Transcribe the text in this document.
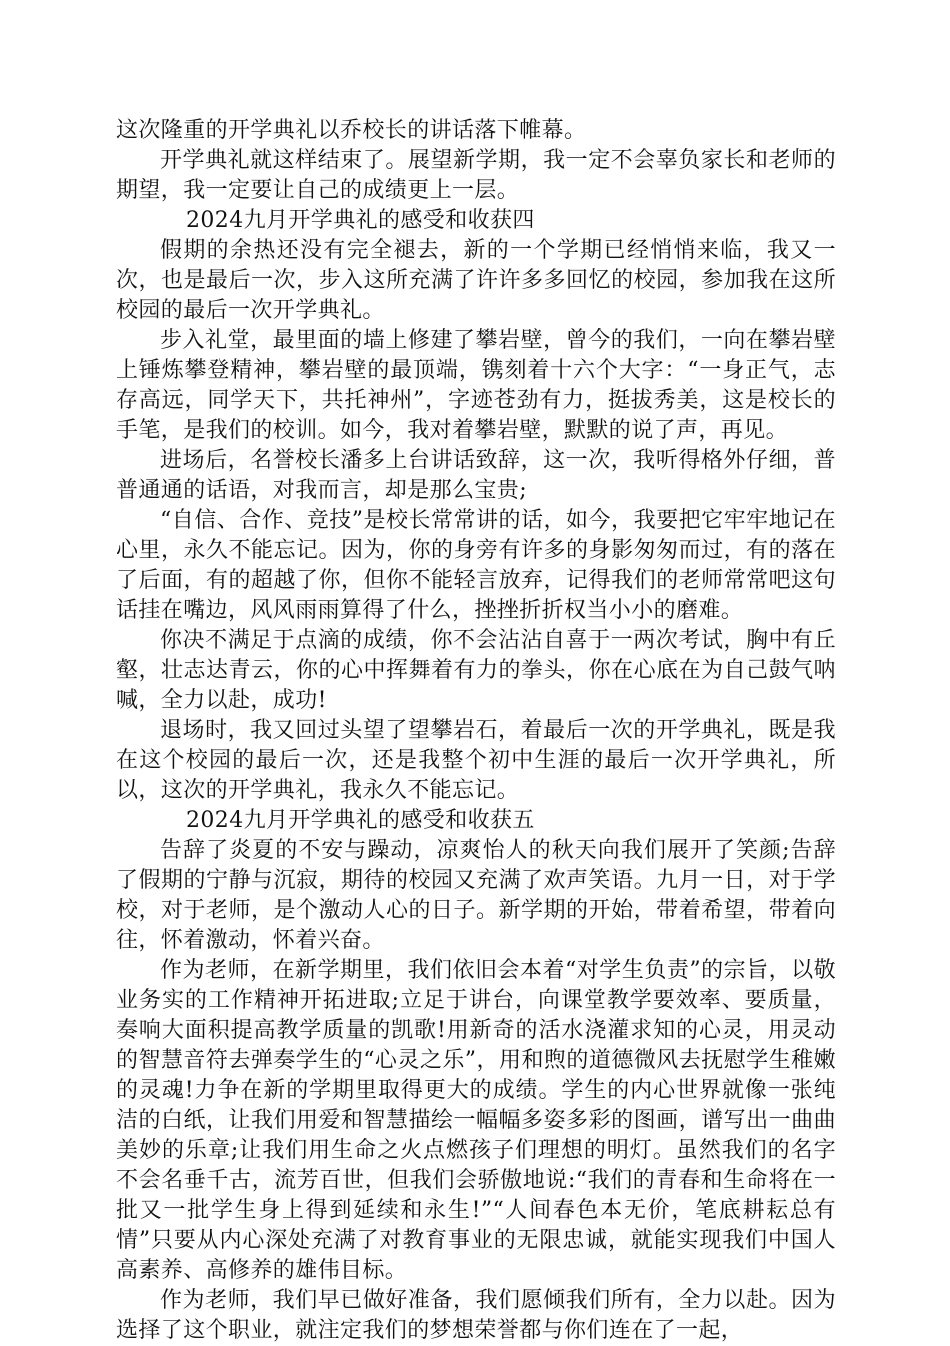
这次隆重的开学典礼以乔校长的讲话落下帷幕。

开学典礼就这样结束了。展望新学期，我一定不会辜负家长和老师的期望，我一定要让自己的成绩更上一层。

2024九月开学典礼的感受和收获四

假期的余热还没有完全褪去，新的一个学期已经悄悄来临，我又一次，也是最后一次，步入这所充满了许许多多回忆的校园，参加我在这所校园的最后一次开学典礼。

步入礼堂，最里面的墙上修建了攀岩壁，曾今的我们，一向在攀岩壁上锤炼攀登精神，攀岩壁的最顶端，镌刻着十六个大字：“一身正气，志存高远，同学天下，共托神州”，字迹苍劲有力，挺拔秀美，这是校长的手笔，是我们的校训。如今，我对着攀岩壁，默默的说了声，再见。

进场后，名誉校长潘多上台讲话致辞，这一次，我听得格外仔细，普普通通的话语，对我而言，却是那么宝贵;

“自信、合作、竞技”是校长常常讲的话，如今，我要把它牢牢地记在心里，永久不能忘记。因为，你的身旁有许多的身影匆匆而过，有的落在了后面，有的超越了你，但你不能轻言放弃，记得我们的老师常常吧这句话挂在嘴边，风风雨雨算得了什么，挫挫折折权当小小的磨难。

你决不满足于点滴的成绩，你不会沾沾自喜于一两次考试，胸中有丘壑，壮志达青云，你的心中挥舞着有力的拳头，你在心底在为自己鼓气呐喊，全力以赴，成功!

退场时，我又回过头望了望攀岩石，着最后一次的开学典礼，既是我在这个校园的最后一次，还是我整个初中生涯的最后一次开学典礼，所以，这次的开学典礼，我永久不能忘记。

2024九月开学典礼的感受和收获五

告辞了炎夏的不安与躁动，凉爽怡人的秋天向我们展开了笑颜;告辞了假期的宁静与沉寂，期待的校园又充满了欢声笑语。九月一日，对于学校，对于老师，是个激动人心的日子。新学期的开始，带着希望，带着向往，怀着激动，怀着兴奋。

作为老师，在新学期里，我们依旧会本着“对学生负责”的宗旨，以敬业务实的工作精神开拓进取;立足于讲台，向课堂教学要效率、要质量，奏响大面积提高教学质量的凯歌!用新奇的活水浇灌求知的心灵，用灵动的智慧音符去弹奏学生的“心灵之乐”，用和煦的道德微风去抚慰学生稚嫩的灵魂!力争在新的学期里取得更大的成绩。学生的内心世界就像一张纯洁的白纸，让我们用爱和智慧描绘一幅幅多姿多彩的图画，谱写出一曲曲美妙的乐章;让我们用生命之火点燃孩子们理想的明灯。虽然我们的名字不会名垂千古，流芳百世，但我们会骄傲地说:“我们的青春和生命将在一批又一批学生身上得到延续和永生!”“人间春色本无价，笔底耕耘总有情”只要从内心深处充满了对教育事业的无限忠诚，就能实现我们中国人高素养、高修养的雄伟目标。

作为老师，我们早已做好准备，我们愿倾我们所有，全力以赴。因为选择了这个职业，就注定我们的梦想荣誉都与你们连在了一起，
